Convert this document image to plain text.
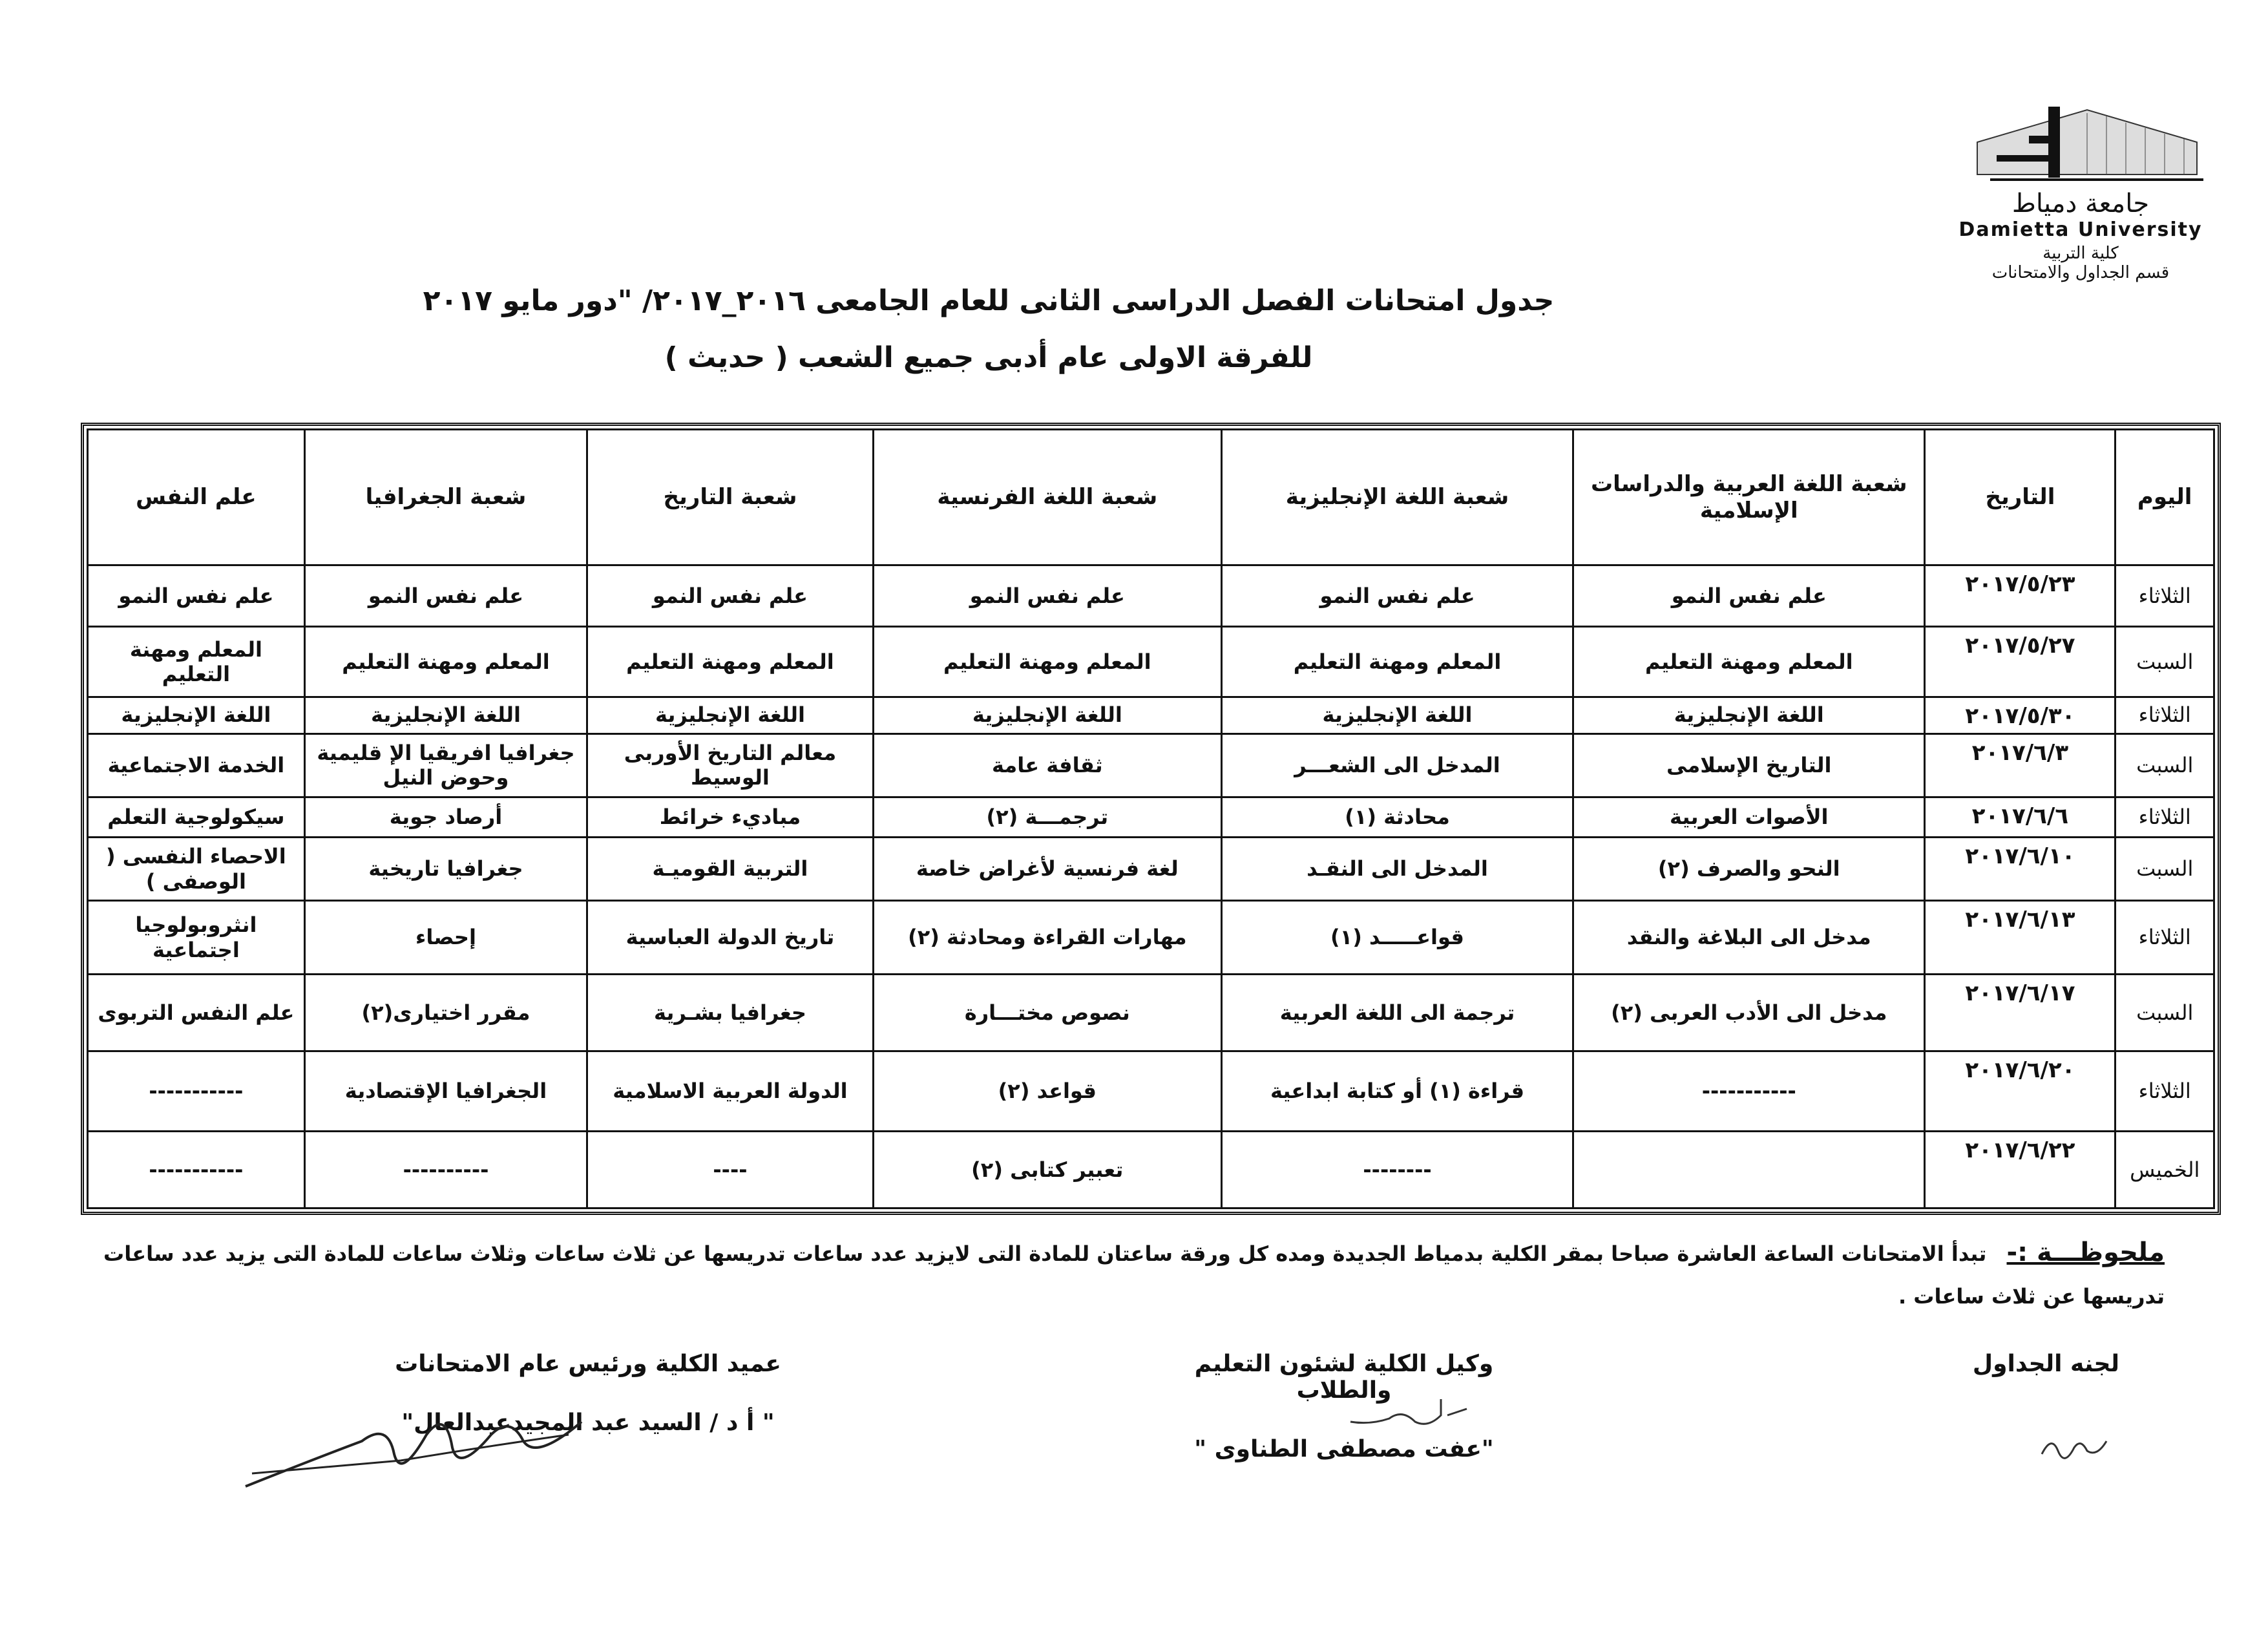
جامعة دمياط
Damietta University
كلية التربية
قسم الجداول والامتحانات
جدول امتحانات الفصل الدراسى الثانى للعام الجامعى ٢٠١٦_٢٠١٧/ "دور مايو ٢٠١٧
للفرقة الاولى عام أدبى جميع الشعب ( حديث )
اليوم	التاريخ	شعبة اللغة العربية والدراسات الإسلامية	شعبة اللغة الإنجليزية	شعبة اللغة الفرنسية	شعبة التاريخ	شعبة الجغرافيا	علم النفس
الثلاثاء	٢٠١٧/٥/٢٣	علم نفس النمو	علم نفس النمو	علم نفس النمو	علم نفس النمو	علم نفس النمو	علم نفس النمو
السبت	٢٠١٧/٥/٢٧	المعلم ومهنة التعليم	المعلم ومهنة التعليم	المعلم ومهنة التعليم	المعلم ومهنة التعليم	المعلم ومهنة التعليم	المعلم ومهنة التعليم
الثلاثاء	٢٠١٧/٥/٣٠	اللغة الإنجليزية	اللغة الإنجليزية	اللغة الإنجليزية	اللغة الإنجليزية	اللغة الإنجليزية	اللغة الإنجليزية
السبت	٢٠١٧/٦/٣	التاريخ الإسلامى	المدخل الى الشعـــر	ثقافة عامة	معالم التاريخ الأوربى الوسيط	جغرافيا افريقيا الإ قليمية وحوض النيل	الخدمة الاجتماعية
الثلاثاء	٢٠١٧/٦/٦	الأصوات العربية	محادثة (١)	ترجمـــة (٢)	مباديء خرائط	أرصاد جوية	سيكولوجية التعلم
السبت	٢٠١٧/٦/١٠	النحو والصرف (٢)	المدخل الى النقـد	لغة فرنسية لأغراض خاصة	التربية القوميـة	جغرافيا تاريخية	الاحصاء النفسى ( الوصفى )
الثلاثاء	٢٠١٧/٦/١٣	مدخل الى البلاغة والنقد	قواعـــــد (١)	مهارات القراءة ومحادثة (٢)	تاريخ الدولة العباسية	إحصاء	انثروبولوجيا اجتماعية
السبت	٢٠١٧/٦/١٧	مدخل الى الأدب العربى (٢)	ترجمة الى اللغة العربية	نصوص مختـــارة	جغرافيا بشـرية	مقرر اختيارى(٢)	علم النفس التربوى
الثلاثاء	٢٠١٧/٦/٢٠	-----------	قراءة (١) أو كتابة ابداعية	قواعد (٢)	الدولة العربية الاسلامية	الجغرافيا الإقتصادية	-----------
الخميس	٢٠١٧/٦/٢٢		--------	تعبير كتابى (٢)	----	----------	-----------
ملحوظـــة :- تبدأ الامتحانات الساعة العاشرة صباحا بمقر الكلية بدمياط الجديدة ومده كل ورقة ساعتان للمادة التى لايزيد عدد ساعات تدريسها عن ثلاث ساعات وثلاث ساعات للمادة التى يزيد عدد ساعات تدريسها عن ثلاث ساعات .
لجنه الجداول
وكيل الكلية لشئون التعليم والطلاب
"عفت مصطفى الطناوى "
عميد الكلية ورئيس عام الامتحانات
" أ د / السيد عبد المجيدعبدالعال"
